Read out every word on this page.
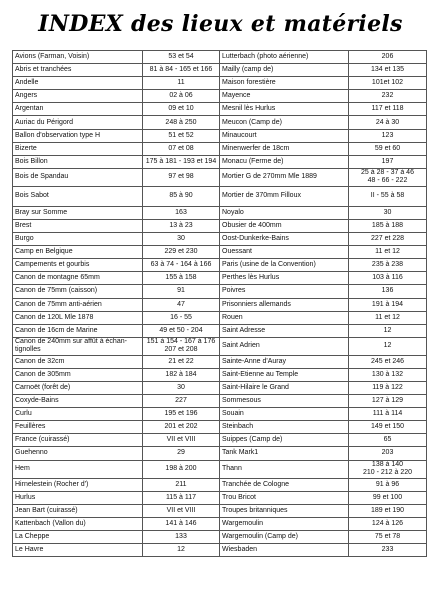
INDEX des lieux et matériels
Avions (Farman, Voisin)	53 et 54	Lutterbach (photo aérienne)	206

Abris et tranchées	81 à 84 - 165 et 166	Mailly (camp de)	134 et 135

Andelle	11	Maison forestière	101et 102

Angers	02 à 06	Mayence	232

Argentan	09 et 10	Mesnil lès Hurlus	117 et 118

Auriac du Périgord	248 à 250	Meucon (Camp de)	24 à 30

Ballon d'observation type H	51 et 52	Minaucourt	123

Bizerte	07 et 08	Minenwerfer de 18cm	59 et 60

Bois Billon	175 à 181 - 193 et 194	Monacu (Ferme de)	197

Bois de Spandau	97 et 98	Mortier G de 270mm Mle 1889	25 à 28 - 37 à 46
48 - 66 - 222

Bois Sabot	85 à 90	Mortier de 370mm Filloux	II - 55 à 58

Bray sur Somme	163	Noyalo	30

Brest	13 à 23	Obusier de 400mm	185 à 188

Burgo	30	Oost-Dunkerke-Bains	227 et 228

Camp en Belgique	229 et 230	Ouessant	11 et 12

Campements et gourbis	63 à 74 - 164 à 166	Paris (usine de la Convention)	235 à 238

Canon de montagne 65mm	155 à 158	Perthes lès Hurlus	103 à 116

Canon de 75mm (caisson)	91	Poivres	136

Canon de 75mm anti-aérien	47	Prisonniers allemands	191 à 194

Canon de 120L Mle 1878	16 - 55	Rouen	11 et 12

Canon de 16cm de Marine	49 et 50 - 204	Saint Adresse	12

Canon de 240mm sur affût à échan-
tignolles	151 à 154 - 167 à 176
207 et 208	Saint Adrien	12

Canon de 32cm	21 et 22	Sainte-Anne d'Auray	245 et 246

Canon de 305mm	182 à 184	Saint-Etienne au Temple	130 à 132

Carnoët (forêt de)	30	Saint-Hilaire le Grand	119 à 122

Coxyde-Bains	227	Sommesous	127 à 129

Curlu	195 et 196	Souain	111 à 114

Feuillères	201 et 202	Steinbach	149 et 150

France (cuirassé)	VII et VIII	Suippes (Camp de)	65

Guehenno	29	Tank Mark1	203

Hem	198 à 200	Thann	138 à 140
210 - 212 à 220

Hirnelestein (Rocher d')	211	Tranchée de Cologne	91 à 96

Hurlus	115 à 117	Trou Bricot	99 et 100

Jean Bart (cuirassé)	VII et VIII	Troupes britanniques	189 et 190

Kattenbach (Vallon du)	141 à 146	Wargemoulin	124 à 126

La Cheppe	133	Wargemoulin (Camp de)	75 et 78

Le Havre	12	Wiesbaden	233
